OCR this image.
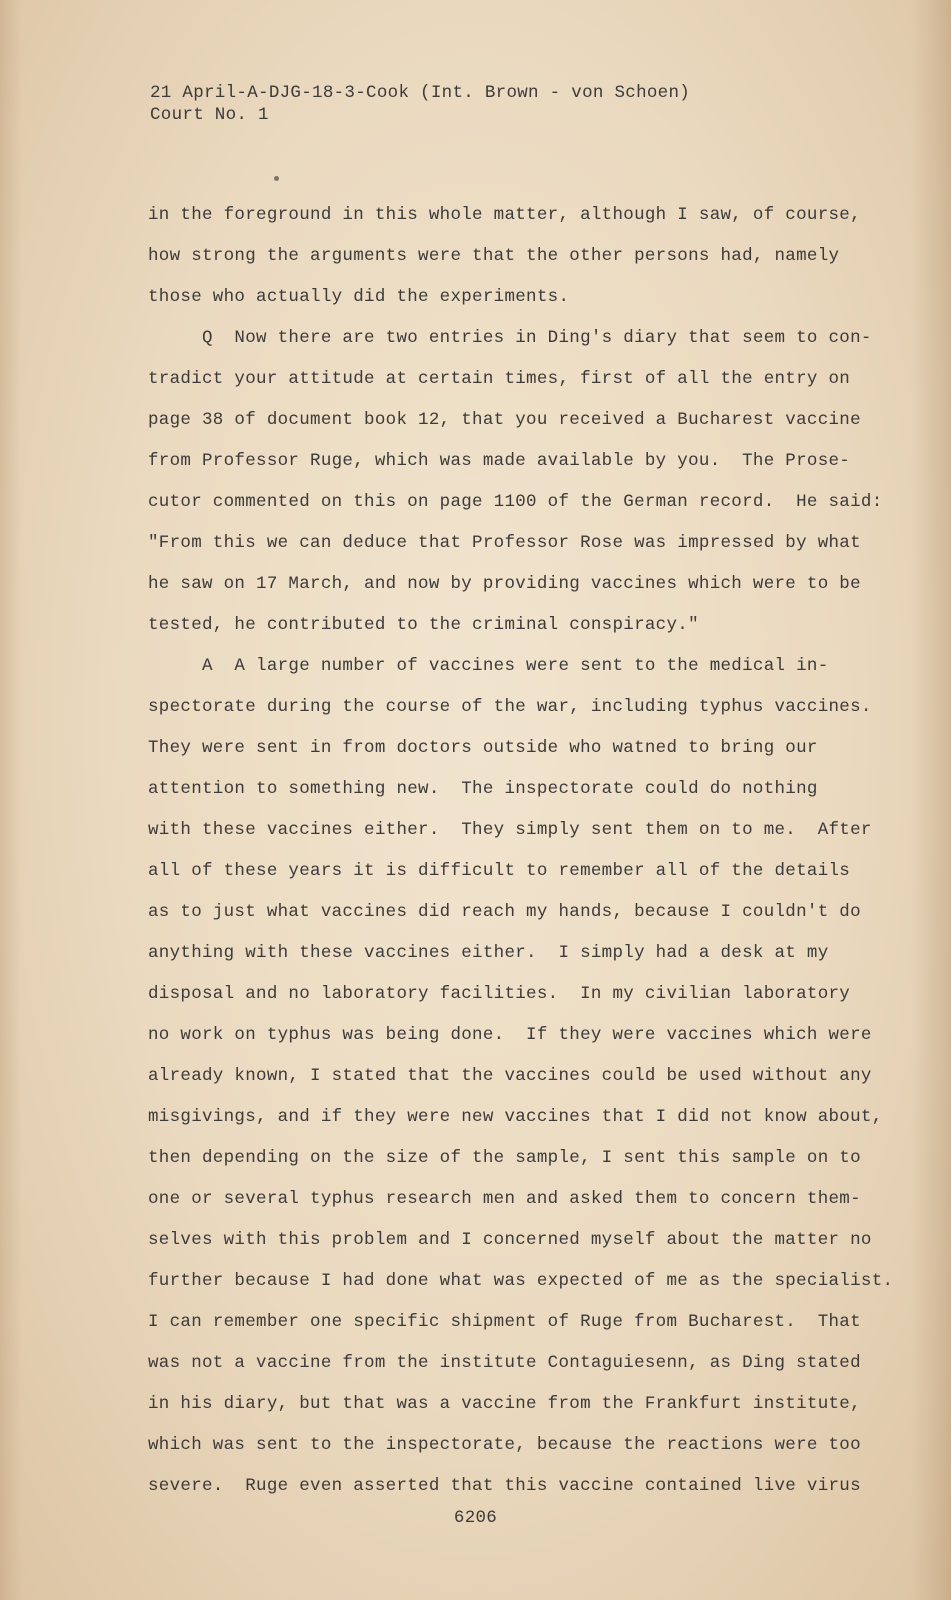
21 April-A-DJG-18-3-Cook (Int. Brown - von Schoen)
Court No. 1
in the foreground in this whole matter, although I saw, of course,
how strong the arguments were that the other persons had, namely
those who actually did the experiments.
Q  Now there are two entries in Ding's diary that seem to con-
tradict your attitude at certain times, first of all the entry on
page 38 of document book 12, that you received a Bucharest vaccine
from Professor Ruge, which was made available by you.  The Prose-
cutor commented on this on page 1100 of the German record.  He said:
"From this we can deduce that Professor Rose was impressed by what
he saw on 17 March, and now by providing vaccines which were to be
tested, he contributed to the criminal conspiracy."
A  A large number of vaccines were sent to the medical in-
spectorate during the course of the war, including typhus vaccines.
They were sent in from doctors outside who watned to bring our
attention to something new.  The inspectorate could do nothing
with these vaccines either.  They simply sent them on to me.  After
all of these years it is difficult to remember all of the details
as to just what vaccines did reach my hands, because I couldn't do
anything with these vaccines either.  I simply had a desk at my
disposal and no laboratory facilities.  In my civilian laboratory
no work on typhus was being done.  If they were vaccines which were
already known, I stated that the vaccines could be used without any
misgivings, and if they were new vaccines that I did not know about,
then depending on the size of the sample, I sent this sample on to
one or several typhus research men and asked them to concern them-
selves with this problem and I concerned myself about the matter no
further because I had done what was expected of me as the specialist.
I can remember one specific shipment of Ruge from Bucharest.  That
was not a vaccine from the institute Contaguiesenn, as Ding stated
in his diary, but that was a vaccine from the Frankfurt institute,
which was sent to the inspectorate, because the reactions were too
severe.  Ruge even asserted that this vaccine contained live virus
6206
